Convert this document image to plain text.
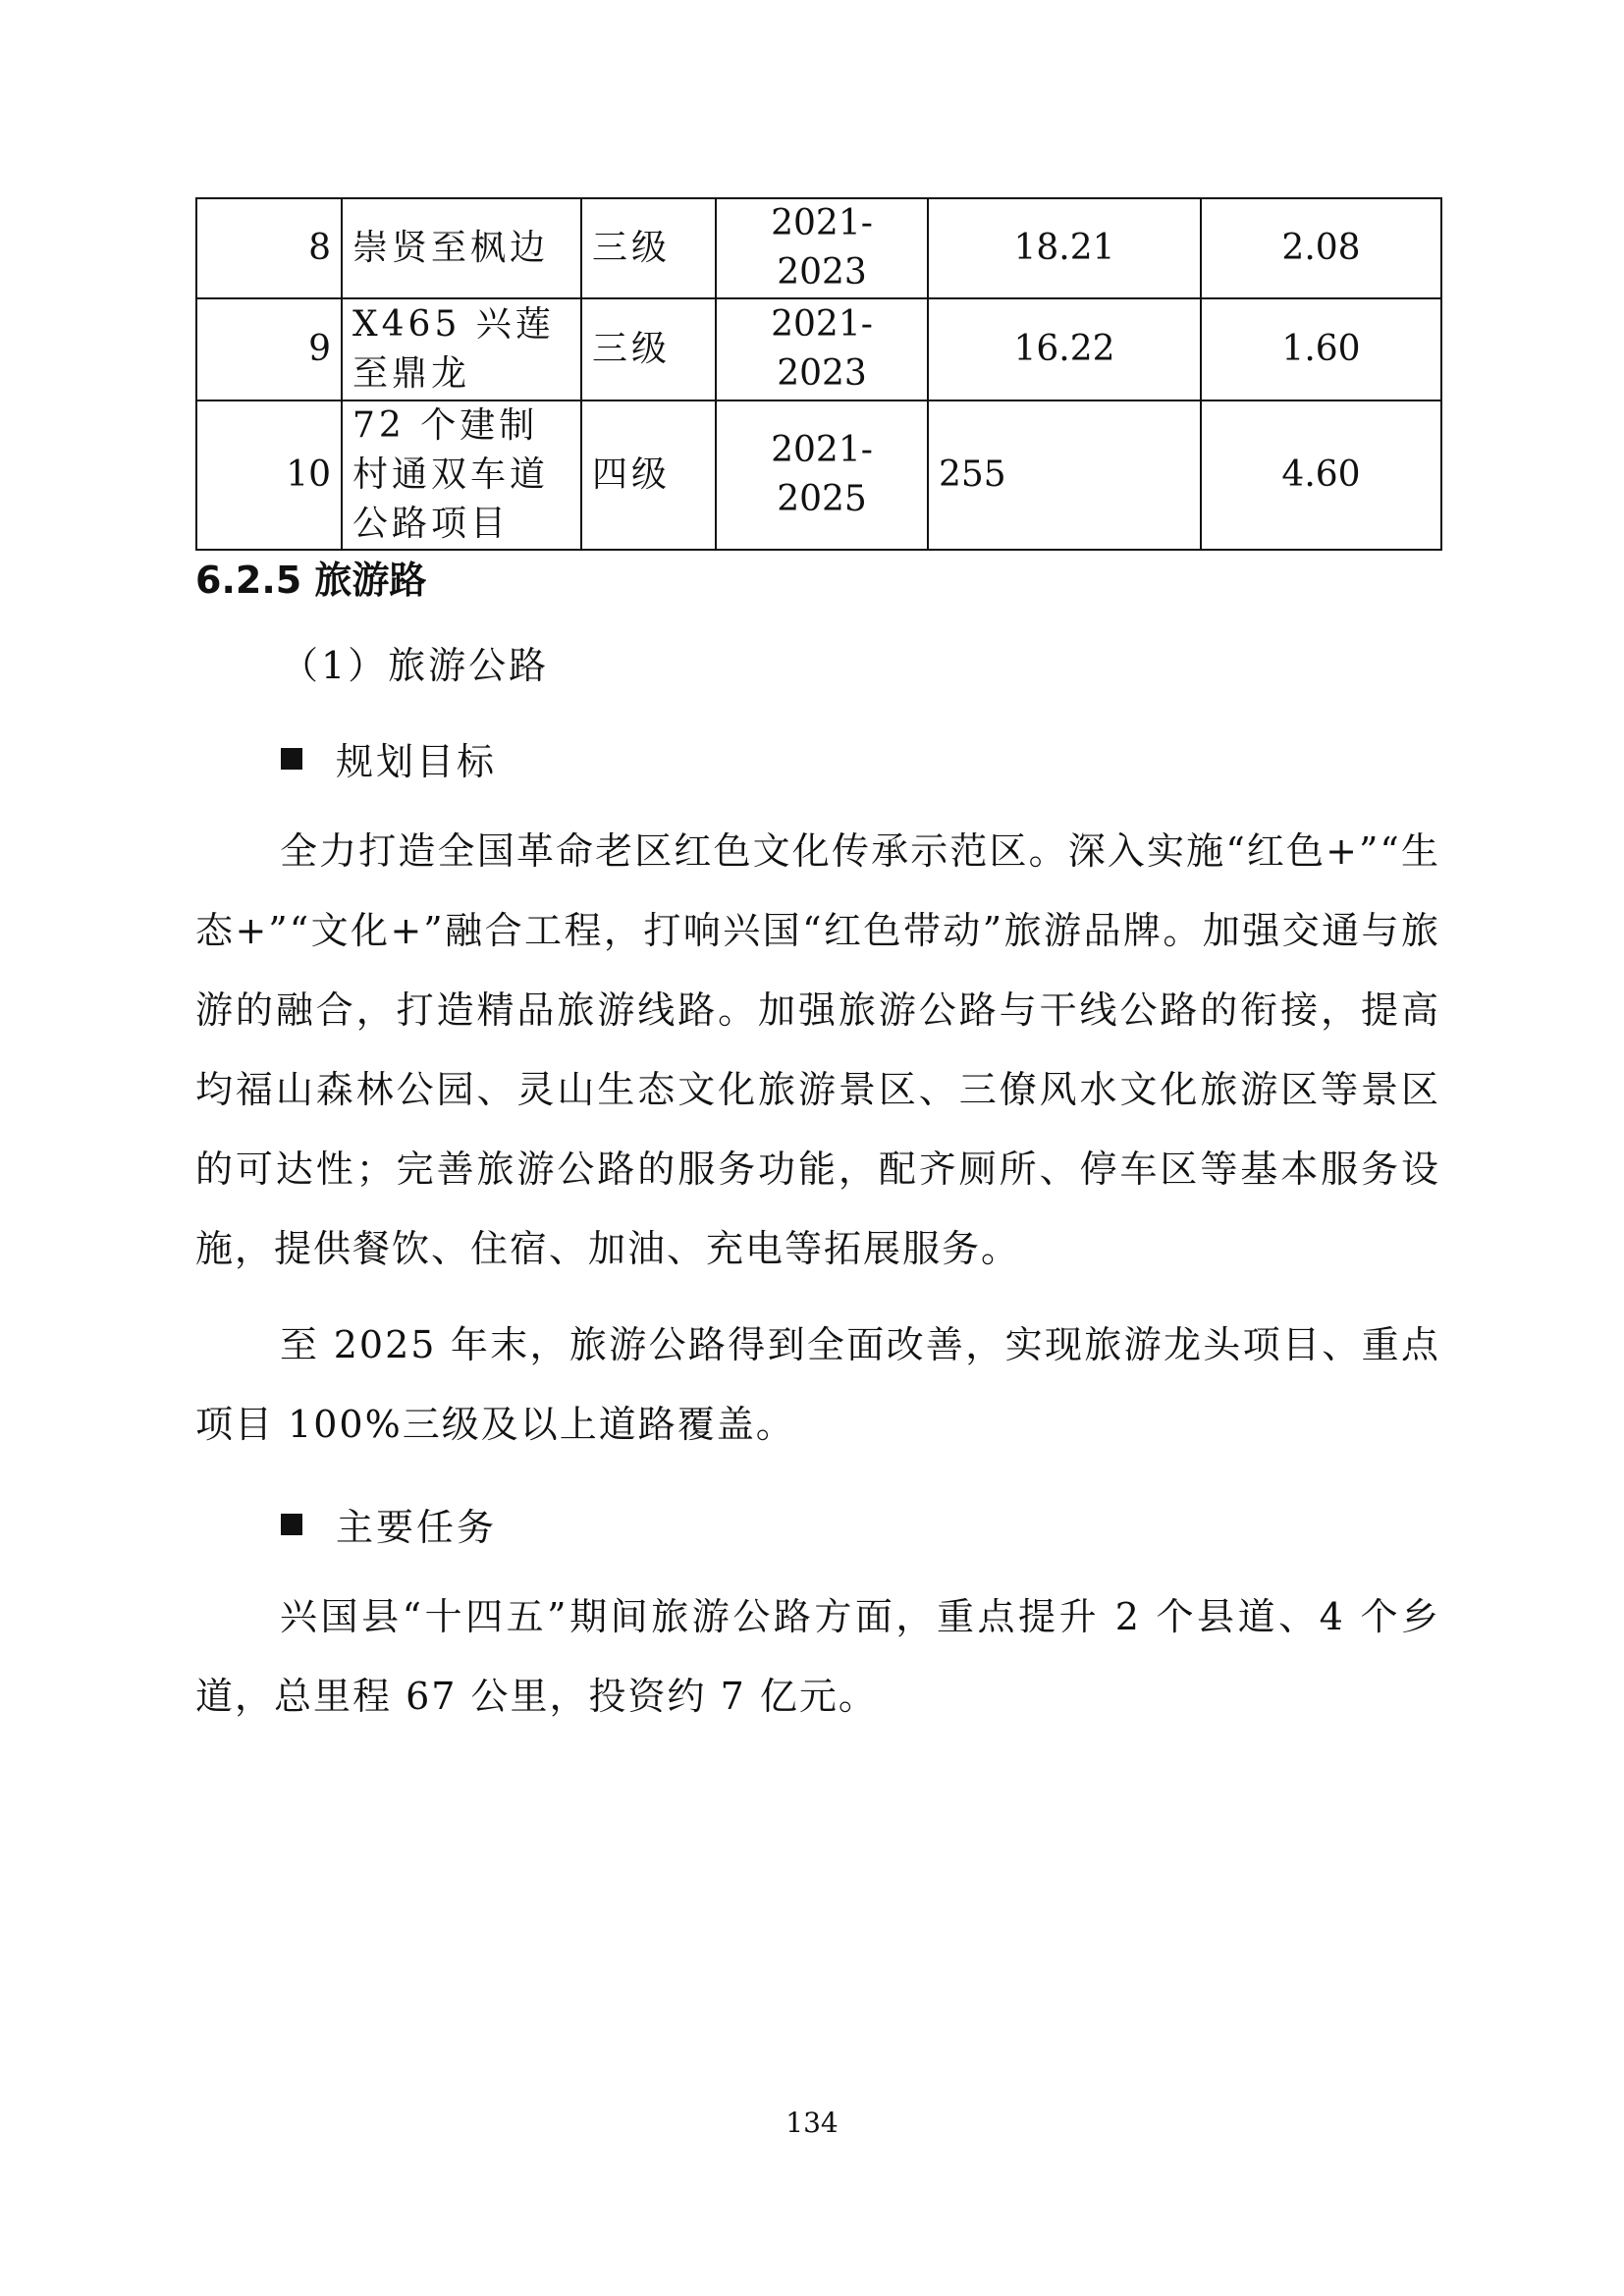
8	崇贤至枫边	三级	2021-2023	18.21	2.08
9	X465 兴莲至鼎龙	三级	2021-2023	16.22	1.60
10	72 个建制村通双车道公路项目	四级	2021-2025	255	4.60
6.2.5 旅游路
（1）旅游公路
规划目标

全力打造全国革命老区红色文化传承示范区。深入实施“红色+”“生态+”“文化+”融合工程，打响兴国“红色带动”旅游品牌。加强交通与旅游的融合，打造精品旅游线路。加强旅游公路与干线公路的衔接，提高均福山森林公园、灵山生态文化旅游景区、三僚风水文化旅游区等景区的可达性；完善旅游公路的服务功能，配齐厕所、停车区等基本服务设施，提供餐饮、住宿、加油、充电等拓展服务。

至 2025 年末，旅游公路得到全面改善，实现旅游龙头项目、重点项目 100%三级及以上道路覆盖。

主要任务

兴国县“十四五”期间旅游公路方面，重点提升 2 个县道、4 个乡道，总里程 67 公里，投资约 7 亿元。

134
